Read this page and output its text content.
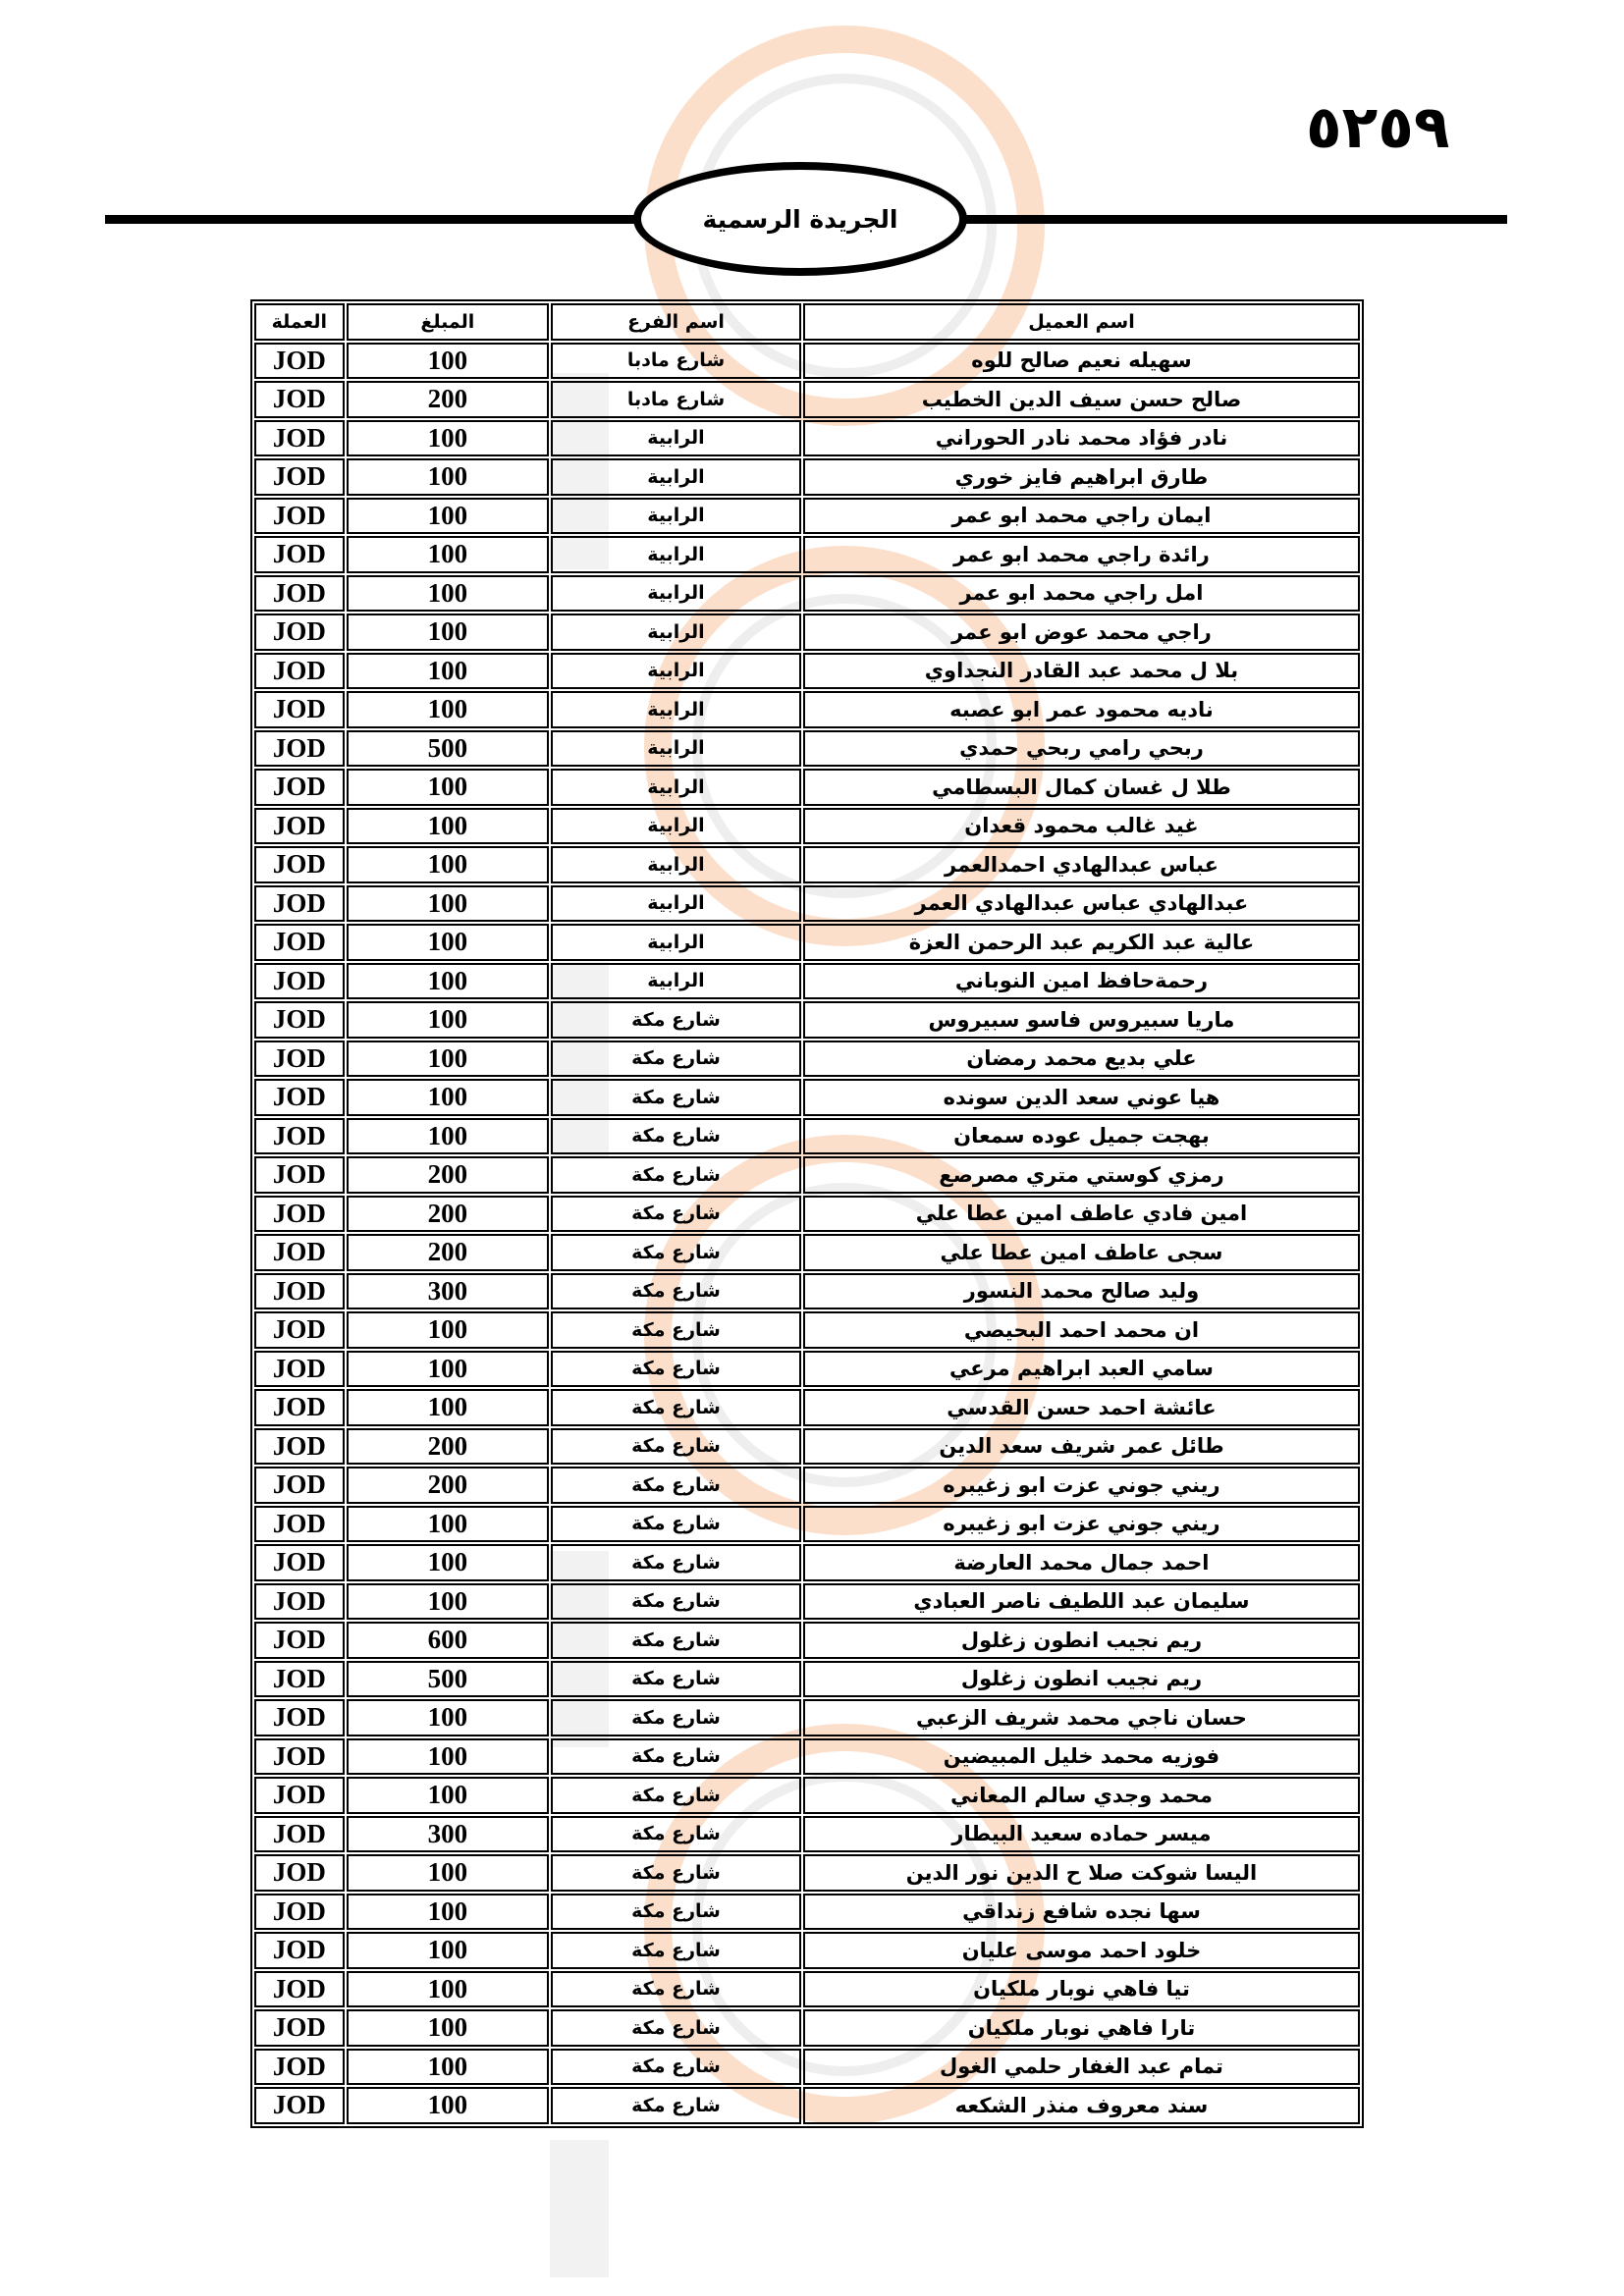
٥٢٥٩
الجريدة الرسمية
اسم العميل	اسم الفرع	المبلغ	العملة
سهيله نعيم صالح للوه	شارع مادبا	100	JOD
صالح حسن سيف الدين الخطيب	شارع مادبا	200	JOD
نادر فؤاد محمد نادر الحوراني	الرابية	100	JOD
طارق ابراهيم فايز خوري	الرابية	100	JOD
ايمان راجي محمد ابو عمر	الرابية	100	JOD
رائدة راجي محمد ابو عمر	الرابية	100	JOD
امل راجي محمد ابو عمر	الرابية	100	JOD
راجي محمد عوض ابو عمر	الرابية	100	JOD
بلا ل محمد عبد القادر النجداوي	الرابية	100	JOD
ناديه محمود عمر ابو عصبه	الرابية	100	JOD
ربحي رامي ربحي حمدي	الرابية	500	JOD
طلا ل غسان كمال البسطامي	الرابية	100	JOD
غيد غالب محمود قعدان	الرابية	100	JOD
عباس عبدالهادي احمدالعمر	الرابية	100	JOD
عبدالهادي عباس عبدالهادي العمر	الرابية	100	JOD
عالية عبد الكريم عبد الرحمن العزة	الرابية	100	JOD
رحمةحافظ امين النوباني	الرابية	100	JOD
ماريا سبيروس فاسو سبيروس	شارع مكة	100	JOD
علي بديع محمد رمضان	شارع مكة	100	JOD
هيا عوني سعد الدين سونده	شارع مكة	100	JOD
بهجت جميل عوده سمعان	شارع مكة	100	JOD
رمزي كوستي متري مصرصع	شارع مكة	200	JOD
امين فادي عاطف امين عطا علي	شارع مكة	200	JOD
سجى عاطف امين عطا علي	شارع مكة	200	JOD
وليد صالح محمد النسور	شارع مكة	300	JOD
ان محمد احمد البحيصي	شارع مكة	100	JOD
سامي العبد ابراهيم مرعي	شارع مكة	100	JOD
عائشة احمد حسن القدسي	شارع مكة	100	JOD
طائل عمر شريف سعد الدين	شارع مكة	200	JOD
ريني جوني عزت ابو زغيبره	شارع مكة	200	JOD
ريني جوني عزت ابو زغيبره	شارع مكة	100	JOD
احمد جمال محمد العارضة	شارع مكة	100	JOD
سليمان عبد اللطيف ناصر العبادي	شارع مكة	100	JOD
ريم نجيب انطون زغلول	شارع مكة	600	JOD
ريم نجيب انطون زغلول	شارع مكة	500	JOD
حسان ناجي محمد شريف الزعبي	شارع مكة	100	JOD
فوزيه محمد خليل المبيضين	شارع مكة	100	JOD
محمد وجدي سالم المعاني	شارع مكة	100	JOD
ميسر حماده سعيد البيطار	شارع مكة	300	JOD
اليسا شوكت صلا ح الدين نور الدين	شارع مكة	100	JOD
سها نجده شافع زنداقي	شارع مكة	100	JOD
خلود احمد موسى عليان	شارع مكة	100	JOD
تيا فاهي نوبار ملكيان	شارع مكة	100	JOD
تارا فاهي نوبار ملكيان	شارع مكة	100	JOD
تمام عبد الغفار حلمي الغول	شارع مكة	100	JOD
سند معروف منذر الشكعه	شارع مكة	100	JOD
